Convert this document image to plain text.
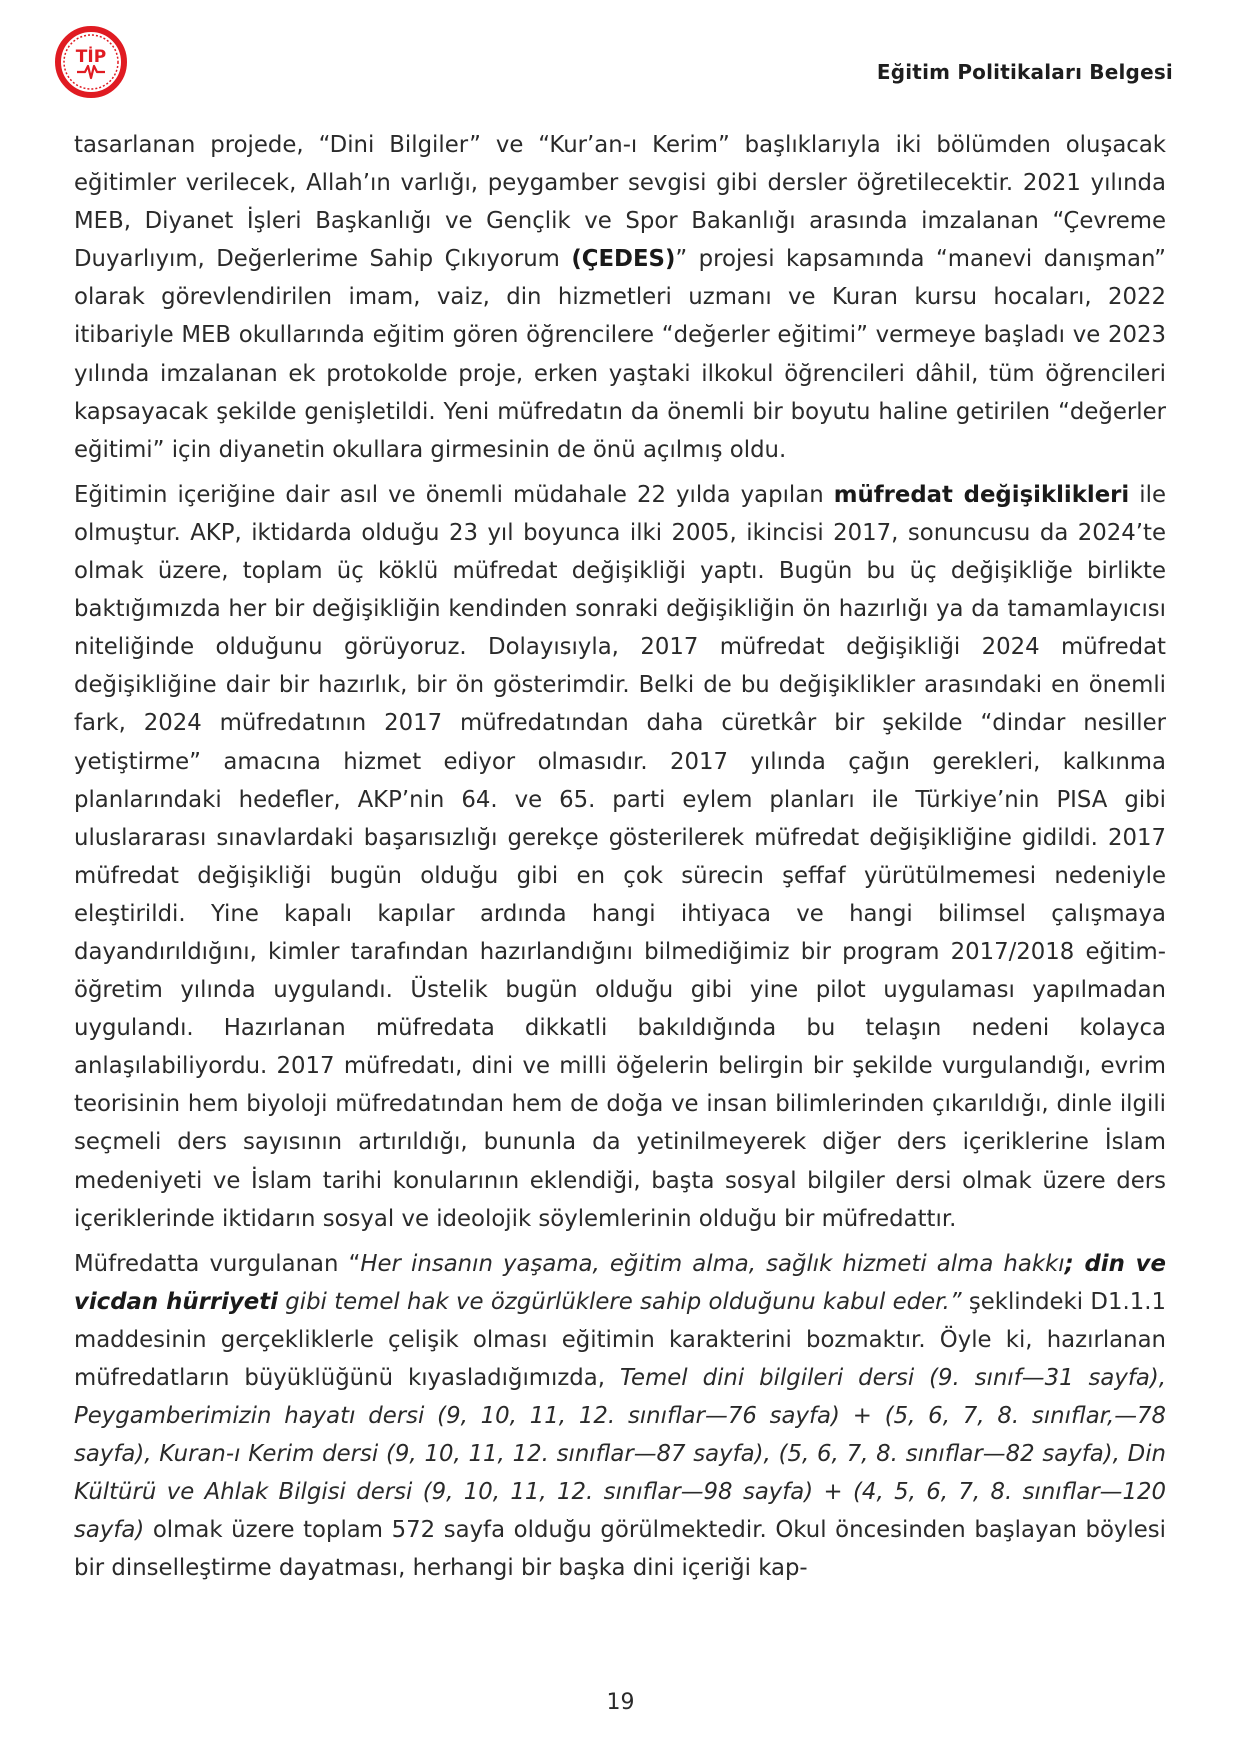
TİP
Eğitim Politikaları Belgesi

tasarlanan projede, “Dini Bilgiler” ve “Kur’an-ı Kerim” başlıklarıyla iki bölümden oluşacak eğitimler verilecek, Allah’ın varlığı, peygamber sevgisi gibi dersler öğretilecektir. 2021 yılında MEB, Diyanet İşleri Başkanlığı ve Gençlik ve Spor Bakanlığı arasında imzalanan “Çevreme Duyarlıyım, Değerlerime Sahip Çıkıyorum (ÇEDES)” projesi kapsamında “manevi danışman” olarak görevlendirilen imam, vaiz, din hizmetleri uzmanı ve Kuran kursu hocaları, 2022 itibariyle MEB okullarında eğitim gören öğrencilere “değerler eğitimi” vermeye başladı ve 2023 yılında imzalanan ek protokolde proje, erken yaştaki ilkokul öğrencileri dâhil, tüm öğrencileri kapsayacak şekilde genişletildi. Yeni müfredatın da önemli bir boyutu haline getirilen “değerler eğitimi” için diyanetin okullara girmesinin de önü açılmış oldu.

Eğitimin içeriğine dair asıl ve önemli müdahale 22 yılda yapılan müfredat değişiklikleri ile olmuştur. AKP, iktidarda olduğu 23 yıl boyunca ilki 2005, ikincisi 2017, sonuncusu da 2024’te olmak üzere, toplam üç köklü müfredat değişikliği yaptı. Bugün bu üç değişikliğe birlikte baktığımızda her bir değişikliğin kendinden sonraki değişikliğin ön hazırlığı ya da tamamlayıcısı niteliğinde olduğunu görüyoruz. Dolayısıyla, 2017 müfredat değişikliği 2024 müfredat değişikliğine dair bir hazırlık, bir ön gösterimdir. Belki de bu değişiklikler arasındaki en önemli fark, 2024 müfredatının 2017 müfredatından daha cüretkâr bir şekilde “dindar nesiller yetiştirme” amacına hizmet ediyor olmasıdır. 2017 yılında çağın gerekleri, kalkınma planlarındaki hedefler, AKP’nin 64. ve 65. parti eylem planları ile Türkiye’nin PISA gibi uluslararası sınavlardaki başarısızlığı gerekçe gösterilerek müfredat değişikliğine gidildi. 2017 müfredat değişikliği bugün olduğu gibi en çok sürecin şeffaf yürütülmemesi nedeniyle eleştirildi. Yine kapalı kapılar ardında hangi ihtiyaca ve hangi bilimsel çalışmaya dayandırıldığını, kimler tarafından hazırlandığını bilmediğimiz bir program 2017/2018 eğitim-öğretim yılında uygulandı. Üstelik bugün olduğu gibi yine pilot uygulaması yapılmadan uygulandı. Hazırlanan müfredata dikkatli bakıldığında bu telaşın nedeni kolayca anlaşılabiliyordu. 2017 müfredatı, dini ve milli öğelerin belirgin bir şekilde vurgulandığı, evrim teorisinin hem biyoloji müfredatından hem de doğa ve insan bilimlerinden çıkarıldığı, dinle ilgili seçmeli ders sayısının artırıldığı, bununla da yetinilmeyerek diğer ders içeriklerine İslam medeniyeti ve İslam tarihi konularının eklendiği, başta sosyal bilgiler dersi olmak üzere ders içeriklerinde iktidarın sosyal ve ideolojik söylemlerinin olduğu bir müfredattır.

Müfredatta vurgulanan “Her insanın yaşama, eğitim alma, sağlık hizmeti alma hakkı; din ve vicdan hürriyeti gibi temel hak ve özgürlüklere sahip olduğunu kabul eder.” şeklindeki D1.1.1 maddesinin gerçekliklerle çelişik olması eğitimin karakterini bozmaktır. Öyle ki, hazırlanan müfredatların büyüklüğünü kıyasladığımızda, Temel dini bilgileri dersi (9. sınıf—31 sayfa), Peygamberimizin hayatı dersi (9, 10, 11, 12. sınıflar—76 sayfa) + (5, 6, 7, 8. sınıflar,—78 sayfa), Kuran-ı Kerim dersi (9, 10, 11, 12. sınıflar—87 sayfa), (5, 6, 7, 8. sınıflar—82 sayfa), Din Kültürü ve Ahlak Bilgisi dersi (9, 10, 11, 12. sınıflar—98 sayfa) + (4, 5, 6, 7, 8. sınıflar—120 sayfa) olmak üzere toplam 572 sayfa olduğu görülmektedir. Okul öncesinden başlayan böylesi bir dinselleştirme dayatması, herhangi bir başka dini içeriği kap-

19
